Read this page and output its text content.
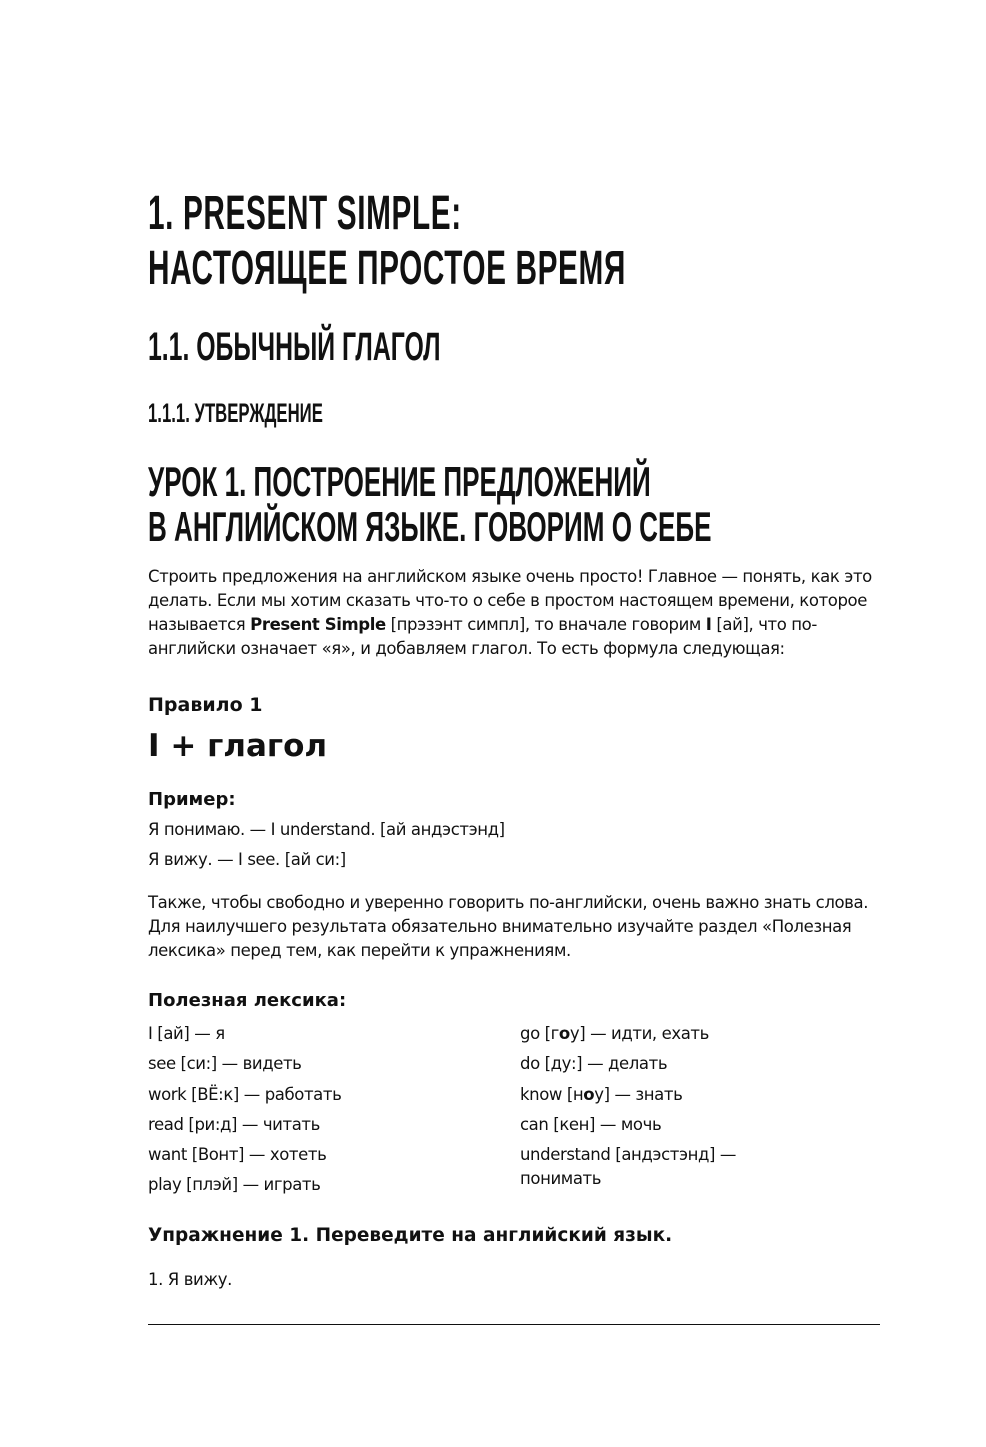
1. PRESENT SIMPLE:
НАСТОЯЩЕЕ ПРОСТОЕ ВРЕМЯ
1.1. ОБЫЧНЫЙ ГЛАГОЛ
1.1.1. УТВЕРЖДЕНИЕ
УРОК 1. ПОСТРОЕНИЕ ПРЕДЛОЖЕНИЙ
В АНГЛИЙСКОМ ЯЗЫКЕ. ГОВОРИМ О СЕБЕ
Строить предложения на английском языке очень просто! Главное — понять, как это делать. Если мы хотим сказать что-то о себе в простом настоящем времени, которое называется Present Simple [прэзэнт симпл], то вначале говорим I [ай], что по-английски означает «я», и добавляем глагол. То есть формула следующая:
Правило 1
I + глагол
Пример:
Я понимаю. — I understand. [ай андэстэнд]
Я вижу. — I see. [ай си:]
Также, чтобы свободно и уверенно говорить по-английски, очень важно знать слова. Для наилучшего результата обязательно внимательно изучайте раздел «Полезная лексика» перед тем, как перейти к упражнениям.
Полезная лексика:
I [ай] — я
see [си:] — видеть
work [ВЁ:к] — работать
read [ри:д] — читать
want [Вонт] — хотеть
play [плэй] — играть
go [гоу] — идти, ехать
do [ду:] — делать
know [ноу] — знать
can [кен] — мочь
understand [андэстэнд] — понимать
Упражнение 1. Переведите на английский язык.
1. Я вижу.
